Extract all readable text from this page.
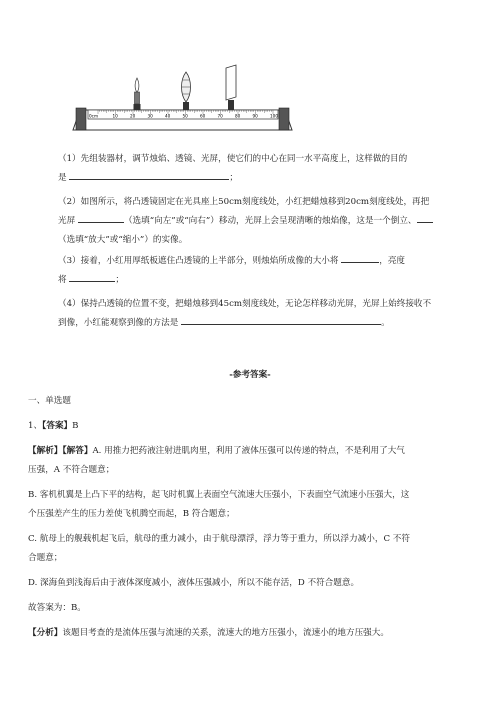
0cm	10	20	30	40	50	60	70	80	90	100
（1）先组装器材，调节烛焰、透镜、光屏，使它们的中心在同一水平高度上，这样做的目的
是	；
（2）如图所示，将凸透镜固定在光具座上50cm刻度线处，小红把蜡烛移到20cm刻度线处，再把
光屏	（选填“向左”或“向右”）移动，光屏上会呈现清晰的烛焰像，这是一个倒立、
（选填“放大”或“缩小”）的实像。
（3）接着，小红用厚纸板遮住凸透镜的上半部分，则烛焰所成像的大小将	，亮度
将	；
（4）保持凸透镜的位置不变，把蜡烛移到45cm刻度线处，无论怎样移动光屏，光屏上始终接收不
到像，小红能观察到像的方法是	。
-参考答案-
一、单选题
1、【答案】B
【解析】【解答】A. 用推力把药液注射进肌肉里，利用了液体压强可以传递的特点，不是利用了大气
压强，A 不符合题意；
B. 客机机翼是上凸下平的结构，起飞时机翼上表面空气流速大压强小，下表面空气流速小压强大，这
个压强差产生的压力差使飞机腾空而起，B 符合题意；
C. 航母上的舰载机起飞后，航母的重力减小，由于航母漂浮，浮力等于重力，所以浮力减小，C 不符
合题意；
D. 深海鱼到浅海后由于液体深度减小，液体压强减小，所以不能存活，D 不符合题意。
故答案为：B。
【分析】该题目考查的是流体压强与流速的关系，流速大的地方压强小，流速小的地方压强大。
